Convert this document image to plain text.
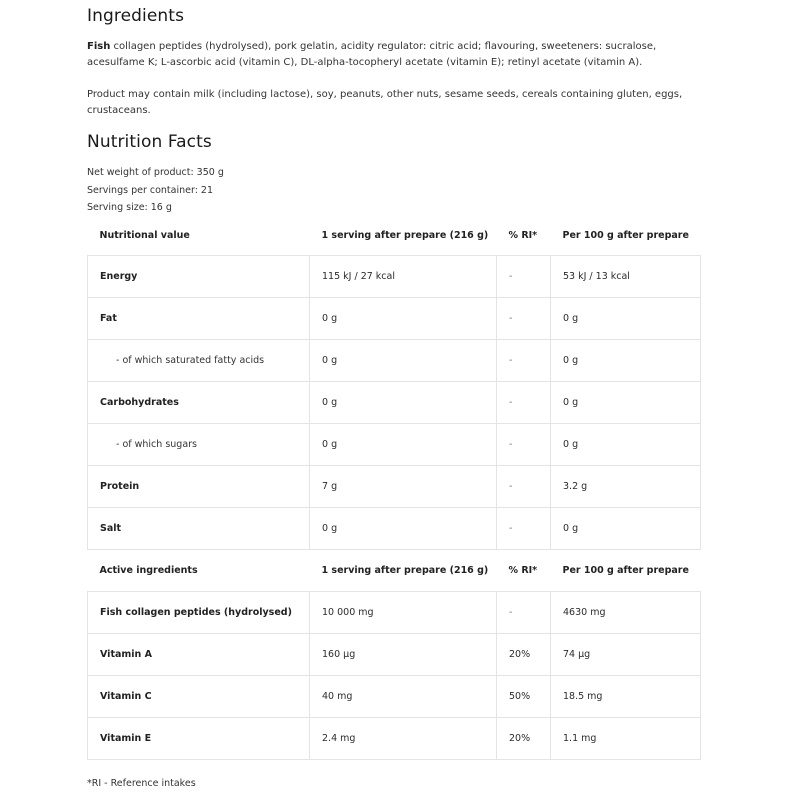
Ingredients
Fish collagen peptides (hydrolysed), pork gelatin, acidity regulator: citric acid; flavouring, sweeteners: sucralose, acesulfame K; L-ascorbic acid (vitamin C), DL-alpha-tocopheryl acetate (vitamin E); retinyl acetate (vitamin A).
Product may contain milk (including lactose), soy, peanuts, other nuts, sesame seeds, cereals containing gluten, eggs, crustaceans.
Nutrition Facts
Net weight of product: 350 g
Servings per container: 21
Serving size: 16 g
Nutritional value	1 serving after prepare (216 g)	% RI*	Per 100 g after prepare
Energy	115 kJ / 27 kcal	-	53 kJ / 13 kcal
Fat	0 g	-	0 g
- of which saturated fatty acids	0 g	-	0 g
Carbohydrates	0 g	-	0 g
- of which sugars	0 g	-	0 g
Protein	7 g	-	3.2 g
Salt	0 g	-	0 g
Active ingredients	1 serving after prepare (216 g)	% RI*	Per 100 g after prepare
Fish collagen peptides (hydrolysed)	10 000 mg	-	4630 mg
Vitamin A	160 µg	20%	74 µg
Vitamin C	40 mg	50%	18.5 mg
Vitamin E	2.4 mg	20%	1.1 mg
*RI - Reference intakes
